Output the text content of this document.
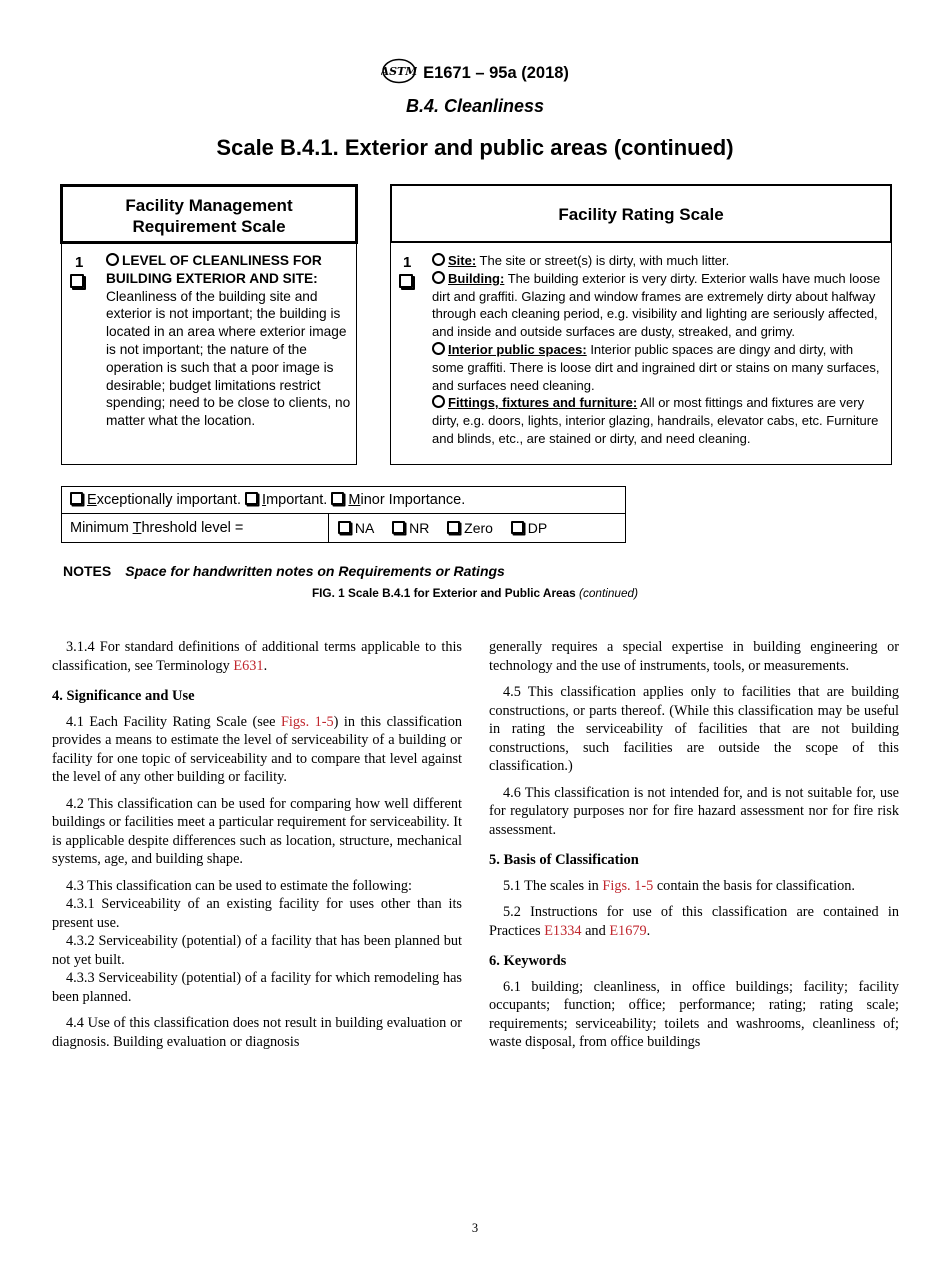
ASTM E1671 – 95a (2018)
B.4. Cleanliness
Scale B.4.1. Exterior and public areas (continued)
Facility Management
Requirement Scale
1	LEVEL OF CLEANLINESS FOR BUILDING EXTERIOR AND SITE: Cleanliness of the building site and exterior is not important; the building is located in an area where exterior image is not important; the nature of the operation is such that a poor image is desirable; budget limitations restrict spending; need to be close to clients, no matter what the location.
Facility Rating Scale
1	Site: The site or street(s) is dirty, with much litter.
Building: The building exterior is very dirty. Exterior walls have much loose dirt and graffiti. Glazing and window frames are extremely dirty about halfway through each cleaning period, e.g. visibility and lighting are seriously affected, and inside and outside surfaces are dusty, streaked, and grimy.
Interior public spaces: Interior public spaces are dingy and dirty, with some graffiti. There is loose dirt and ingrained dirt or stains on many surfaces, and surfaces need cleaning.
Fittings, fixtures and furniture: All or most fittings and fixtures are very dirty, e.g. doors, lights, interior glazing, handrails, elevator cabs, etc. Furniture and blinds, etc., are stained or dirty, and need cleaning.
Exceptionally important. Important. Minor Importance.
Minimum Threshold level =	NA NR Zero DP
NOTES Space for handwritten notes on Requirements or Ratings
FIG. 1 Scale B.4.1 for Exterior and Public Areas (continued)

3.1.4 For standard definitions of additional terms applicable to this classification, see Terminology E631.

4. Significance and Use

4.1 Each Facility Rating Scale (see Figs. 1-5) in this classification provides a means to estimate the level of serviceability of a building or facility for one topic of serviceability and to compare that level against the level of any other building or facility.

4.2 This classification can be used for comparing how well different buildings or facilities meet a particular requirement for serviceability. It is applicable despite differences such as location, structure, mechanical systems, age, and building shape.

4.3 This classification can be used to estimate the following:

4.3.1 Serviceability of an existing facility for uses other than its present use.

4.3.2 Serviceability (potential) of a facility that has been planned but not yet built.

4.3.3 Serviceability (potential) of a facility for which remodeling has been planned.

4.4 Use of this classification does not result in building evaluation or diagnosis. Building evaluation or diagnosis

generally requires a special expertise in building engineering or technology and the use of instruments, tools, or measurements.

4.5 This classification applies only to facilities that are building constructions, or parts thereof. (While this classification may be useful in rating the serviceability of facilities that are not building constructions, such facilities are outside the scope of this classification.)

4.6 This classification is not intended for, and is not suitable for, use for regulatory purposes nor for fire hazard assessment nor for fire risk assessment.

5. Basis of Classification

5.1 The scales in Figs. 1-5 contain the basis for classification.

5.2 Instructions for use of this classification are contained in Practices E1334 and E1679.

6. Keywords

6.1 building; cleanliness, in office buildings; facility; facility occupants; function; office; performance; rating; rating scale; requirements; serviceability; toilets and washrooms, cleanliness of; waste disposal, from office buildings

3
